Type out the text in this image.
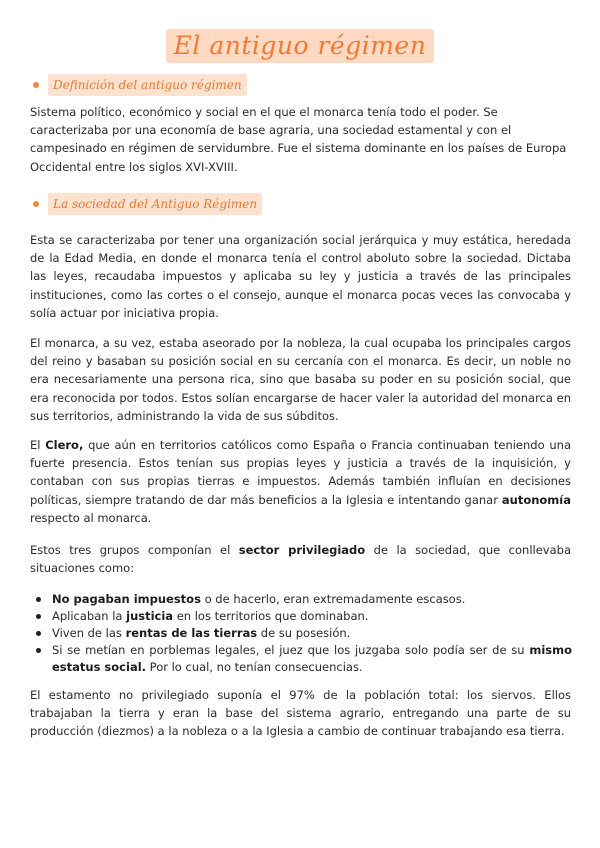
El antiguo régimen
Definición del antiguo régimen

Sistema político, económico y social en el que el monarca tenía todo el poder. Se caracterizaba por una economía de base agraria, una sociedad estamental y con el campesinado en régimen de servidumbre. Fue el sistema dominante en los países de Europa Occidental entre los siglos XVI-XVIII.

La sociedad del Antiguo Régimen

Esta se caracterizaba por tener una organización social jerárquica y muy estática, heredada de la Edad Media, en donde el monarca tenía el control aboluto sobre la sociedad. Dictaba las leyes, recaudaba impuestos y aplicaba su ley y justicia a través de las principales instituciones, como las cortes o el consejo, aunque el monarca pocas veces las convocaba y solía actuar por iniciativa propia.

El monarca, a su vez, estaba aseorado por la nobleza, la cual ocupaba los principales cargos del reino y basaban su posición social en su cercanía con el monarca. Es decir, un noble no era necesariamente una persona rica, sino que basaba su poder en su posición social, que era reconocida por todos. Estos solían encargarse de hacer valer la autoridad del monarca en sus territorios, administrando la vida de sus súbditos.

El Clero, que aún en territorios católicos como España o Francia continuaban teniendo una fuerte presencia. Estos tenían sus propias leyes y justicia a través de la inquisición, y contaban con sus propias tierras e impuestos. Además también influían en decisiones políticas, siempre tratando de dar más beneficios a la Iglesia e intentando ganar autonomía respecto al monarca.

Estos tres grupos componían el sector privilegiado de la sociedad, que conllevaba situaciones como:

No pagaban impuestos o de hacerlo, eran extremadamente escasos.
Aplicaban la justicia en los territorios que dominaban.
Viven de las rentas de las tierras de su posesión.
Si se metían en porblemas legales, el juez que los juzgaba solo podía ser de su mismo estatus social. Por lo cual, no tenían consecuencias.

El estamento no privilegiado suponía el 97% de la población total: los siervos. Ellos trabajaban la tierra y eran la base del sistema agrario, entregando una parte de su producción (diezmos) a la nobleza o a la Iglesia a cambio de continuar trabajando esa tierra.
